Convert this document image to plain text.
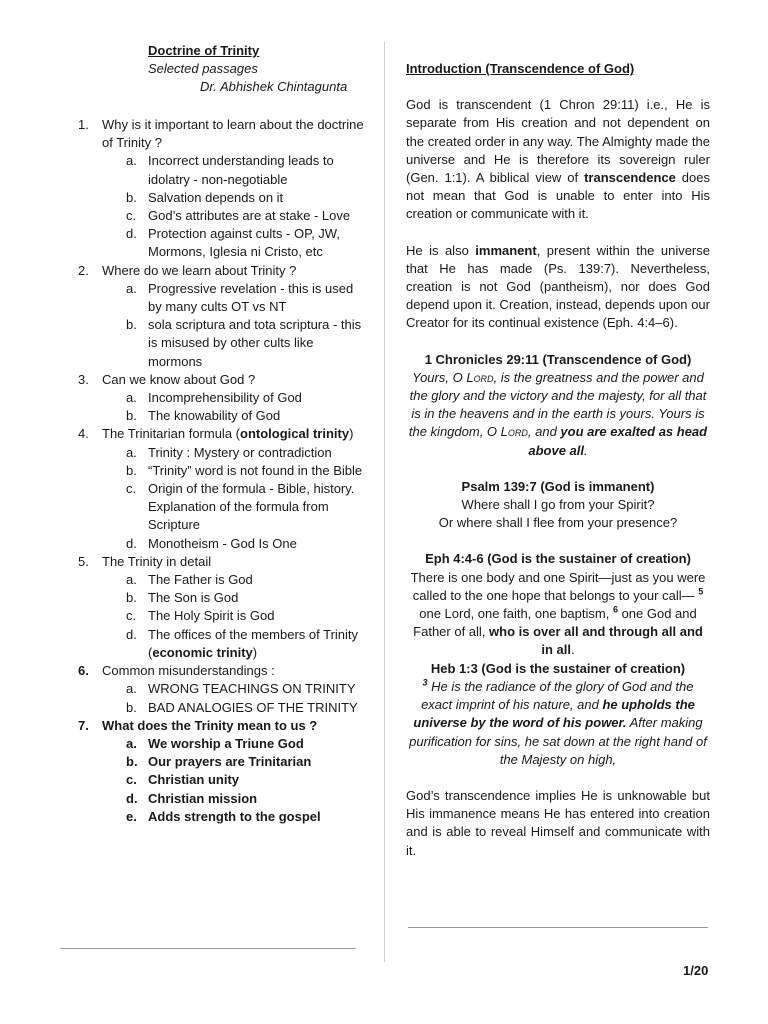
Doctrine of Trinity
Selected passages
Dr. Abhishek Chintagunta
1. Why is it important to learn about the doctrine of Trinity ?
a. Incorrect understanding leads to idolatry - non-negotiable
b. Salvation depends on it
c. God’s attributes are at stake - Love
d. Protection against cults - OP, JW, Mormons, Iglesia ni Cristo, etc
2. Where do we learn about Trinity ?
a. Progressive revelation - this is used by many cults OT vs NT
b. sola scriptura and tota scriptura - this is misused by other cults like mormons
3. Can we know about God ?
a. Incomprehensibility of God
b. The knowability of God
4. The Trinitarian formula (ontological trinity)
a. Trinity : Mystery or contradiction
b. “Trinity” word is not found in the Bible
c. Origin of the formula - Bible, history. Explanation of the formula from Scripture
d. Monotheism - God Is One
5. The Trinity in detail
a. The Father is God
b. The Son is God
c. The Holy Spirit is God
d. The offices of the members of Trinity (economic trinity)
6. Common misunderstandings :
a. WRONG TEACHINGS ON TRINITY
b. BAD ANALOGIES OF THE TRINITY
7. What does the Trinity mean to us ?
a. We worship a Triune God
b. Our prayers are Trinitarian
c. Christian unity
d. Christian mission
e. Adds strength to the gospel
Introduction (Transcendence of God)

God is transcendent (1 Chron 29:11) i.e., He is separate from His creation and not dependent on the created order in any way. The Almighty made the universe and He is therefore its sovereign ruler (Gen. 1:1). A biblical view of transcendence does not mean that God is unable to enter into His creation or communicate with it.

He is also immanent, present within the universe that He has made (Ps. 139:7). Nevertheless, creation is not God (pantheism), nor does God depend upon it. Creation, instead, depends upon our Creator for its continual existence (Eph. 4:4–6).

1 Chronicles 29:11 (Transcendence of God)

Yours, O Lord, is the greatness and the power and the glory and the victory and the majesty, for all that is in the heavens and in the earth is yours. Yours is the kingdom, O Lord, and you are exalted as head above all.

Psalm 139:7 (God is immanent)
Where shall I go from your Spirit?
Or where shall I flee from your presence?
Eph 4:4-6 (God is the sustainer of creation)

There is one body and one Spirit—just as you were called to the one hope that belongs to your call— $^5$ one Lord, one faith, one baptism, $^6$ one God and Father of all, who is over all and through all and in all.

Heb 1:3 (God is the sustainer of creation)

$^3$ He is the radiance of the glory of God and the exact imprint of his nature, and he upholds the universe by the word of his power. After making purification for sins, he sat down at the right hand of the Majesty on high,

God’s transcendence implies He is unknowable but His immanence means He has entered into creation and is able to reveal Himself and communicate with it.

1/20
